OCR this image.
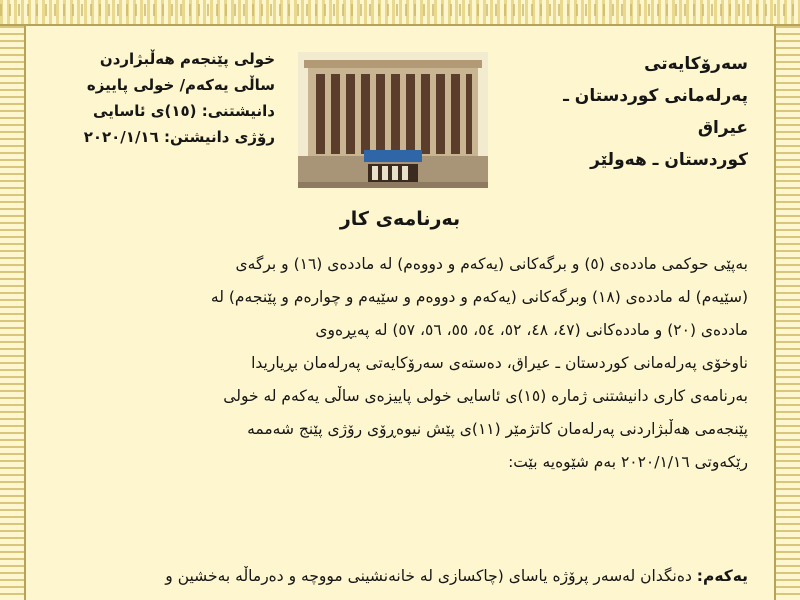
سەرۆکایەتی
پەرلەمانی کوردستان ـ عیراق
کوردستان ـ هەولێر
خولی پێنجەم هەڵبژاردن
ساڵی یەکەم/ خولی پاییزە
دانیشتنی: (١٥)ی ئاسایی
رۆژی دانیشتن: ٢٠٢٠/١/١٦
بەرنامەی کار
بەپێی حوکمی ماددەی (٥) و برگەکانی (یەکەم و دووەم) لە ماددەی (١٦) و برگەی
(سێیەم) لە ماددەی (١٨) وبرگەکانی (یەکەم و دووەم و سێیەم و چوارەم و پێنجەم) لە
ماددەی (٢٠) و ماددەکانی (٤٧، ٤٨، ٥٢، ٥٤، ٥٥، ٥٦، ٥٧) لە پەیڕەوی
ناوخۆی پەرلەمانی کوردستان ـ عیراق، دەستەی سەرۆکایەتی پەرلەمان بڕیاریدا
بەرنامەی کاری دانیشتنی ژمارە (١٥)ی ئاسایی خولی پاییزەی ساڵی یەکەم لە خولی
پێنجەمی هەڵبژاردنی پەرلەمان کاتژمێر (١١)ی پێش نیوەڕۆی رۆژی پێنج شەممە
رێکەوتی ٢٠٢٠/١/١٦ بەم شێوەیە بێت:
یەکەم: دەنگدان لەسەر پرۆژە یاسای (چاکسازی لە خانەنشینی مووچە و دەرماڵە بەخشین و
